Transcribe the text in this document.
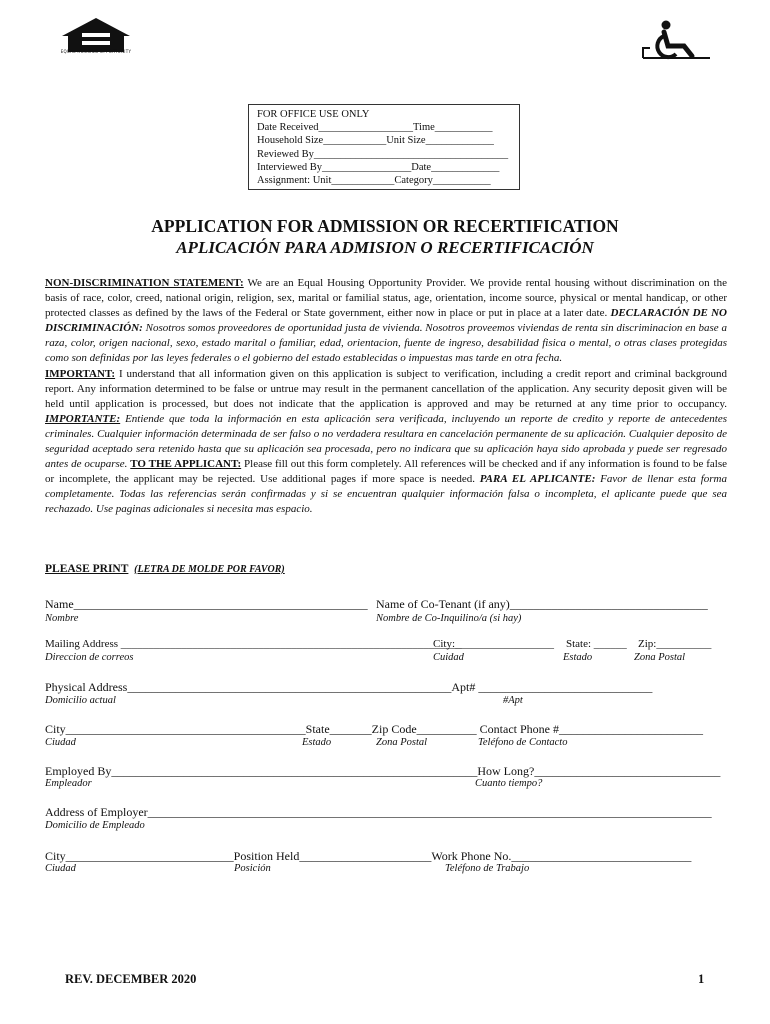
EQUAL HOUSING OPPORTUNITY
FOR OFFICE USE ONLY
Date Received__________________Time___________
Household Size____________Unit Size_____________
Reviewed By_____________________________________
Interviewed By_________________Date_____________
Assignment: Unit____________Category___________
APPLICATION FOR ADMISSION OR RECERTIFICATION
APLICACIÓN PARA ADMISION O RECERTIFICACIÓN
NON-DISCRIMINATION STATEMENT: We are an Equal Housing Opportunity Provider. We provide rental housing without discrimination on the basis of race, color, creed, national origin, religion, sex, marital or familial status, age, orientation, income source, physical or mental handicap, or other protected classes as defined by the laws of the Federal or State government, either now in place or put in place at a later date. DECLARACIÓN DE NO DISCRIMINACIÓN: Nosotros somos proveedores de oportunidad justa de vivienda. Nosotros proveemos viviendas de renta sin discriminacion en base a raza, color, origen nacional, sexo, estado marital o familiar, edad, orientacion, fuente de ingreso, desabilidad fisica o mental, o otras clases protegidas como son definidas por las leyes federales o el gobierno del estado establecidas o impuestas mas tarde en otra fecha.
IMPORTANT: I understand that all information given on this application is subject to verification, including a credit report and criminal background report. Any information determined to be false or untrue may result in the permanent cancellation of the application. Any security deposit given will be held until application is processed, but does not indicate that the application is approved and may be returned at any time prior to occupancy. IMPORTANTE: Entiende que toda la información en esta aplicación sera verificada, incluyendo un reporte de credito y reporte de antecedentes criminales. Cualquier información determinada de ser falso o no verdadera resultara en cancelación permanente de su aplicación. Cualquier deposito de seguridad aceptado sera retenido hasta que su aplicación sea procesada, pero no indicara que su aplicación haya sido aprobada y puede ser regresado antes de ocuparse. TO THE APPLICANT: Please fill out this form completely. All references will be checked and if any information is found to be false or incomplete, the applicant may be rejected. Use additional pages if more space is needed. PARA EL APLICANTE: Favor de llenar esta forma completamente. Todas las referencias serán confirmadas y si se encuentran qualquier información falsa o incompleta, el aplicante puede que sea rechazado. Use paginas adicionales si necesita mas espacio.
PLEASE PRINT (LETRA DE MOLDE POR FAVOR)
Name_________________________________________________ Name of Co-Tenant (if any)_________________________________
Nombre	Nombre de Co-Inquilino/a (si hay)
Mailing Address ______________________________________________________________
City:__________________ State: ______ Zip:__________
Direccion de correos	Cuidad	Estado	Zona Postal
Physical Address______________________________________________________Apt# _____________________________
Domicilio actual	#Apt
City________________________________________State_______Zip Code__________ Contact Phone #________________________
Ciudad	Estado	Zona Postal	Teléfono de Contacto
Employed By_____________________________________________________________How Long?_______________________________
Empleador	Cuanto tiempo?
Address of Employer______________________________________________________________________________________________
Domicilio de Empleado
City____________________________Position Held______________________Work Phone No.______________________________
Ciudad	Posición	Teléfono de Trabajo
REV. DECEMBER 2020	1
